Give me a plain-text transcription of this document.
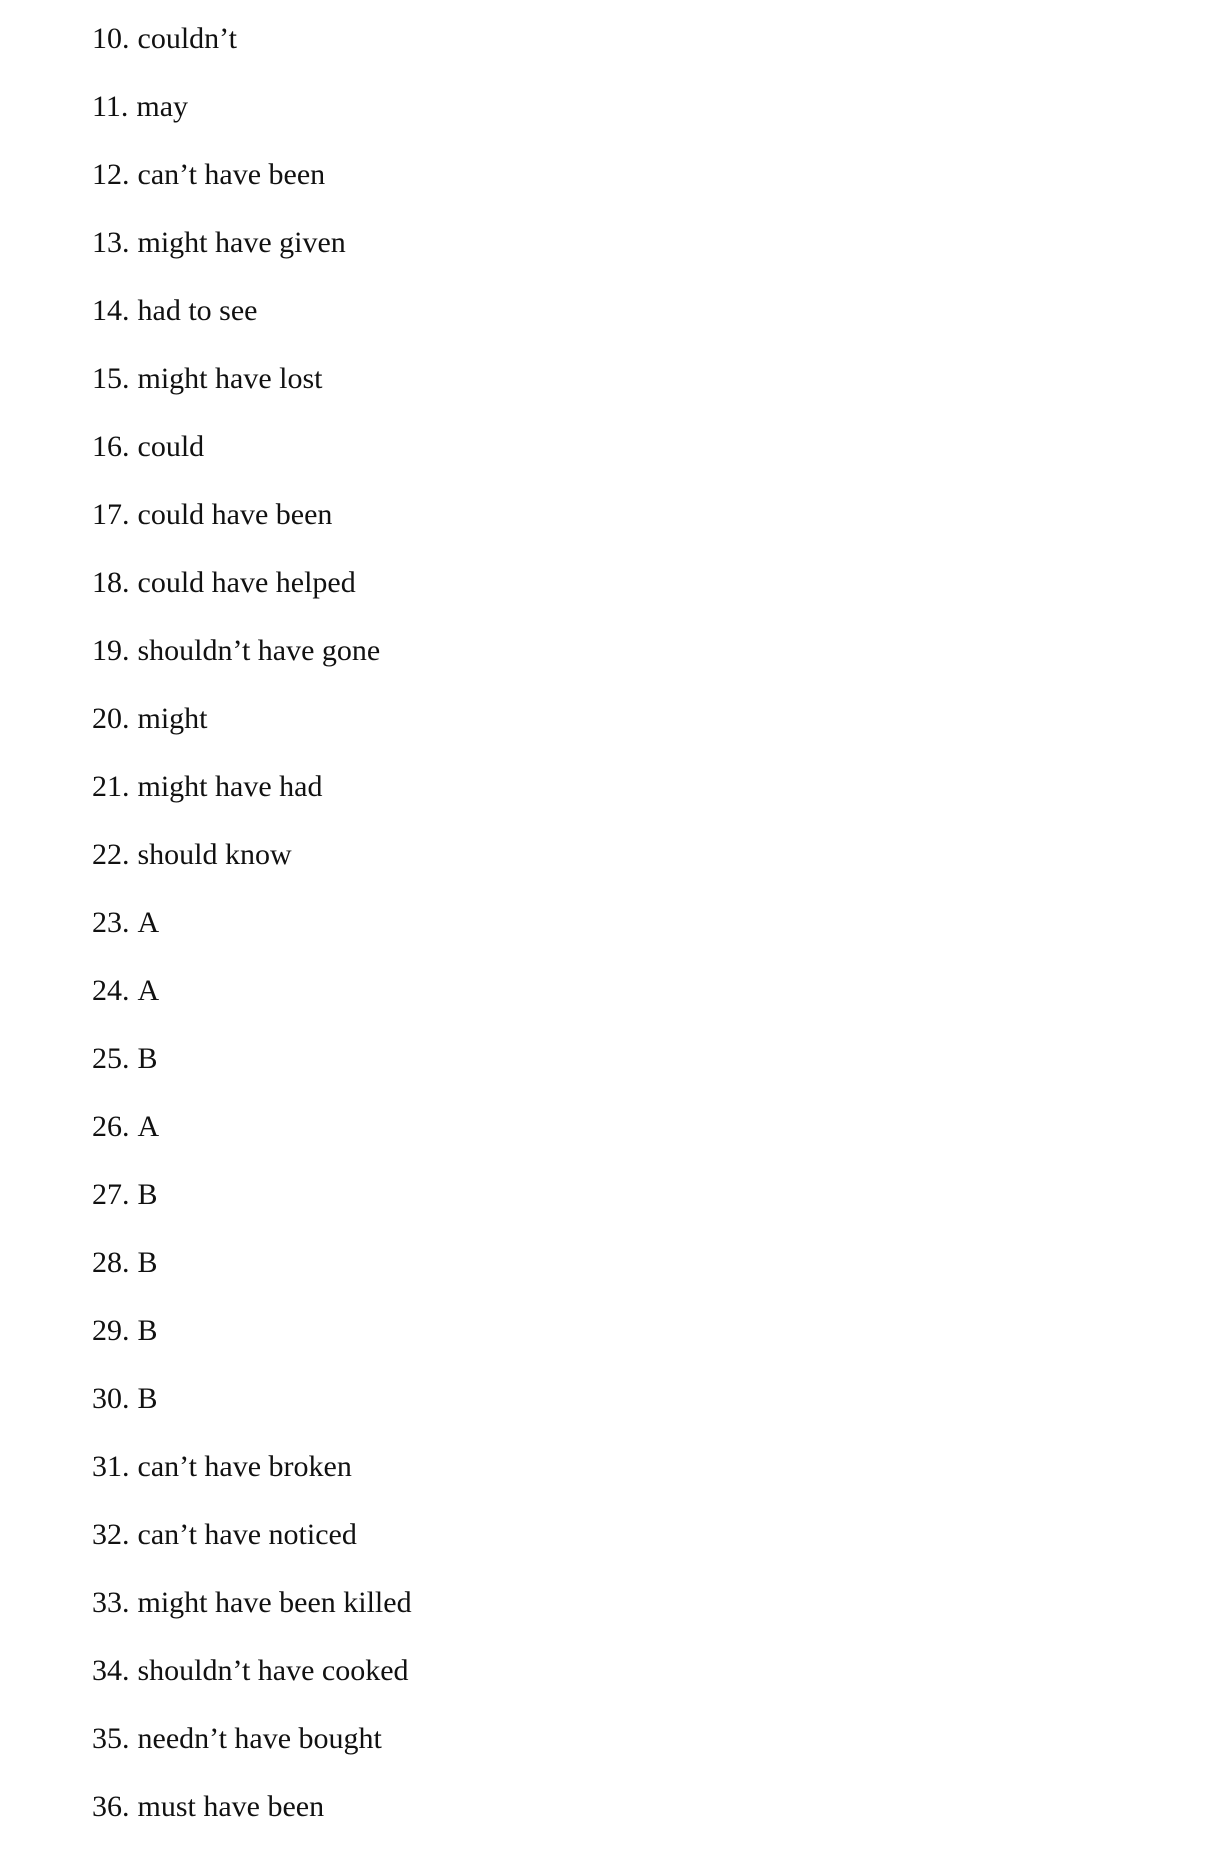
10. couldn’t
11. may
12. can’t have been
13. might have given
14. had to see
15. might have lost
16. could
17. could have been
18. could have helped
19. shouldn’t have gone
20. might
21. might have had
22. should know
23. A
24. A
25. B
26. A
27. B
28. B
29. B
30. B
31. can’t have broken
32. can’t have noticed
33. might have been killed
34. shouldn’t have cooked
35. needn’t have bought
36. must have been
